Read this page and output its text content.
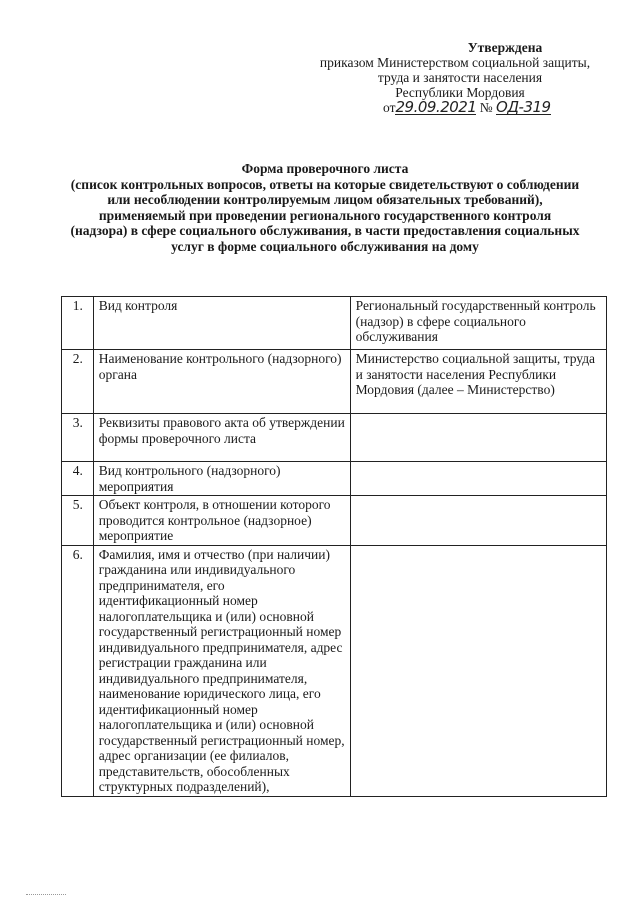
Утверждена
приказом Министерством социальной защиты,
труда и занятости населения
Республики Мордовия
от29.09.2021 № ОД-319
Форма проверочного листа
(список контрольных вопросов, ответы на которые свидетельствуют о соблюдении или несоблюдении контролируемым лицом обязательных требований), применяемый при проведении регионального государственного контроля (надзора) в сфере социального обслуживания, в части предоставления социальных услуг в форме социального обслуживания на дому
1.	Вид контроля	Региональный государственный контроль (надзор) в сфере социального обслуживания
2.	Наименование контрольного (надзорного) органа	Министерство социальной защиты, труда и занятости населения Республики Мордовия (далее – Министерство)
3.	Реквизиты правового акта об утверждении формы проверочного листа	
4.	Вид контрольного (надзорного) мероприятия	
5.	Объект контроля, в отношении которого проводится контрольное (надзорное) мероприятие	
6.	Фамилия, имя и отчество (при наличии) гражданина или индивидуального предпринимателя, его идентификационный номер налогоплательщика и (или) основной государственный регистрационный номер индивидуального предпринимателя, адрес регистрации гражданина или индивидуального предпринимателя, наименование юридического лица, его идентификационный номер налогоплательщика и (или) основной государственный регистрационный номер, адрес организации (ее филиалов, представительств, обособленных структурных подразделений),	
